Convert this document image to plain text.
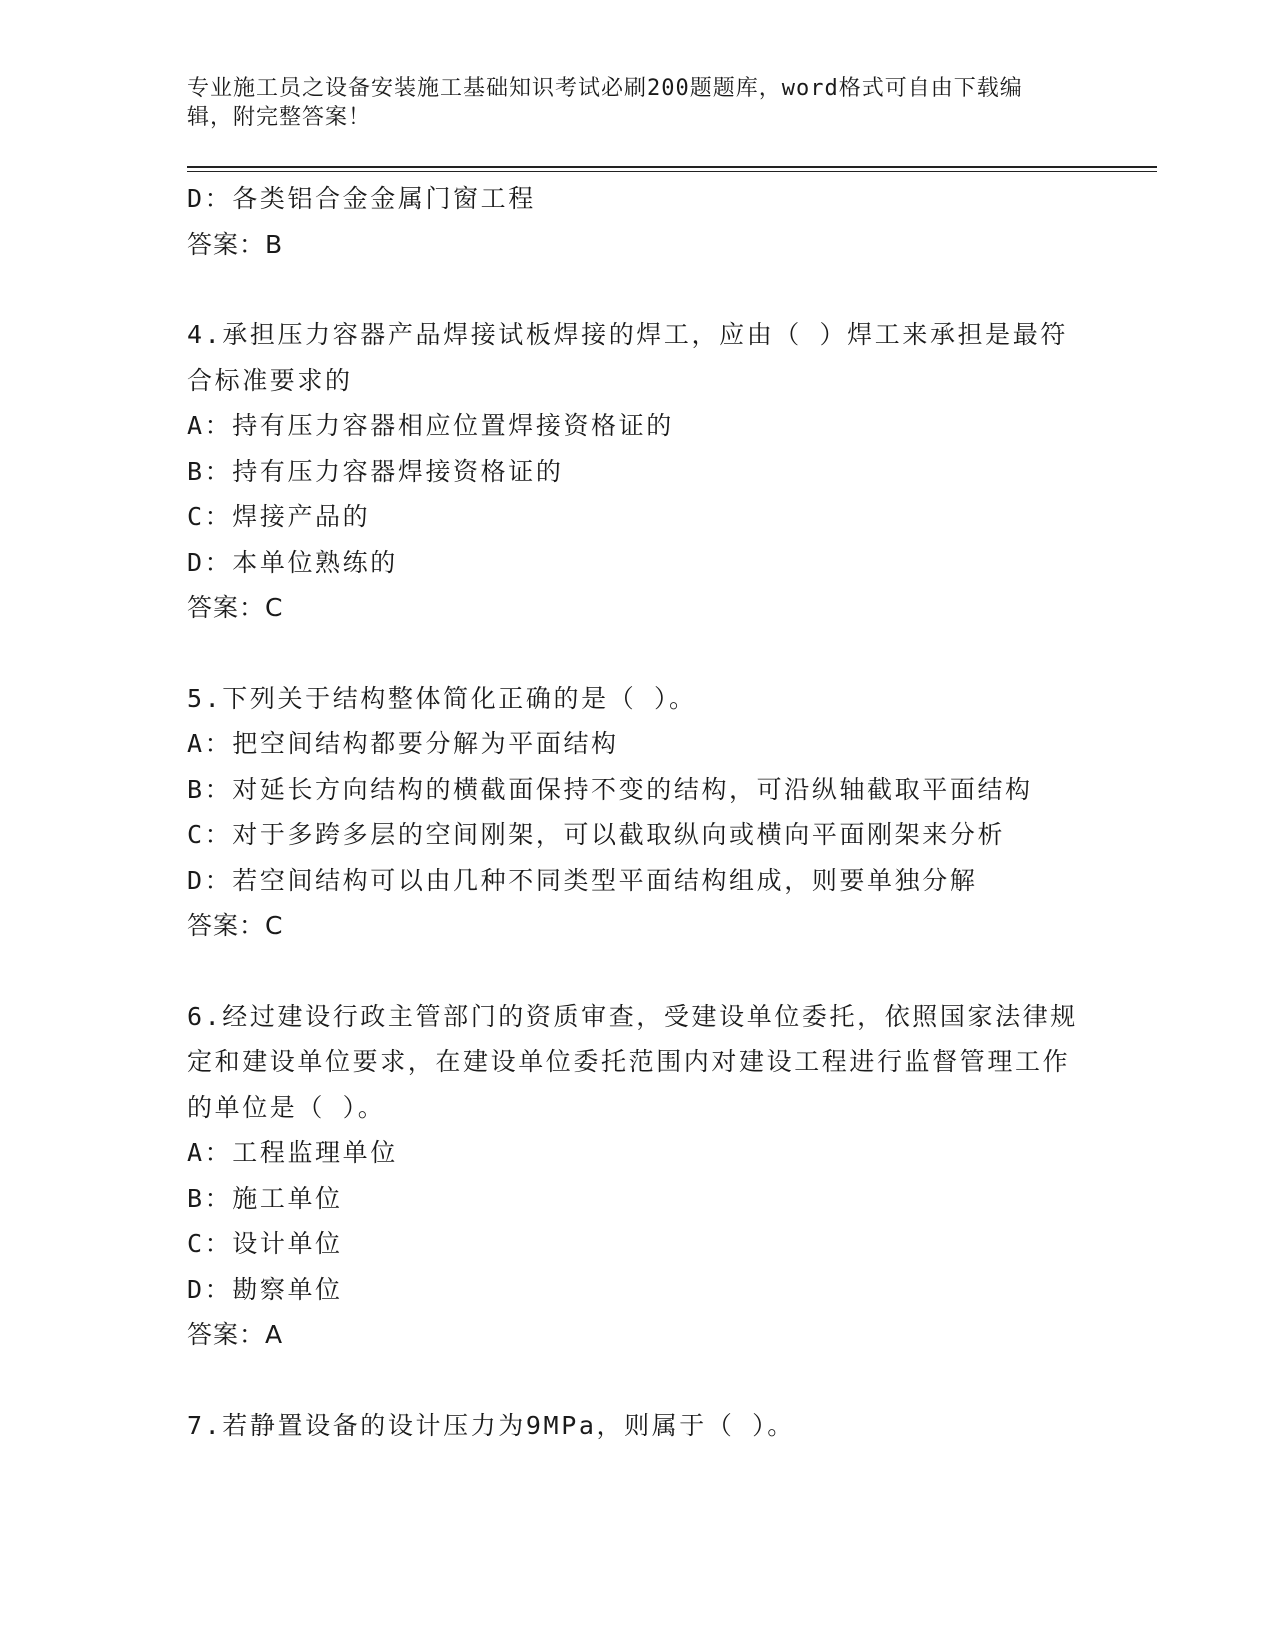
专业施工员之设备安装施工基础知识考试必刷200题题库，word格式可自由下载编辑，附完整答案！

D：各类铝合金金属门窗工程

答案：B

4.承担压力容器产品焊接试板焊接的焊工，应由（ ）焊工来承担是最符合标准要求的

A：持有压力容器相应位置焊接资格证的

B：持有压力容器焊接资格证的

C：焊接产品的

D：本单位熟练的

答案：C

5.下列关于结构整体简化正确的是（ ）。

A：把空间结构都要分解为平面结构

B：对延长方向结构的横截面保持不变的结构，可沿纵轴截取平面结构

C：对于多跨多层的空间刚架，可以截取纵向或横向平面刚架来分析

D：若空间结构可以由几种不同类型平面结构组成，则要单独分解

答案：C

6.经过建设行政主管部门的资质审查，受建设单位委托，依照国家法律规定和建设单位要求，在建设单位委托范围内对建设工程进行监督管理工作的单位是（ ）。

A：工程监理单位

B：施工单位

C：设计单位

D：勘察单位

答案：A

7.若静置设备的设计压力为9MPa，则属于（ ）。
